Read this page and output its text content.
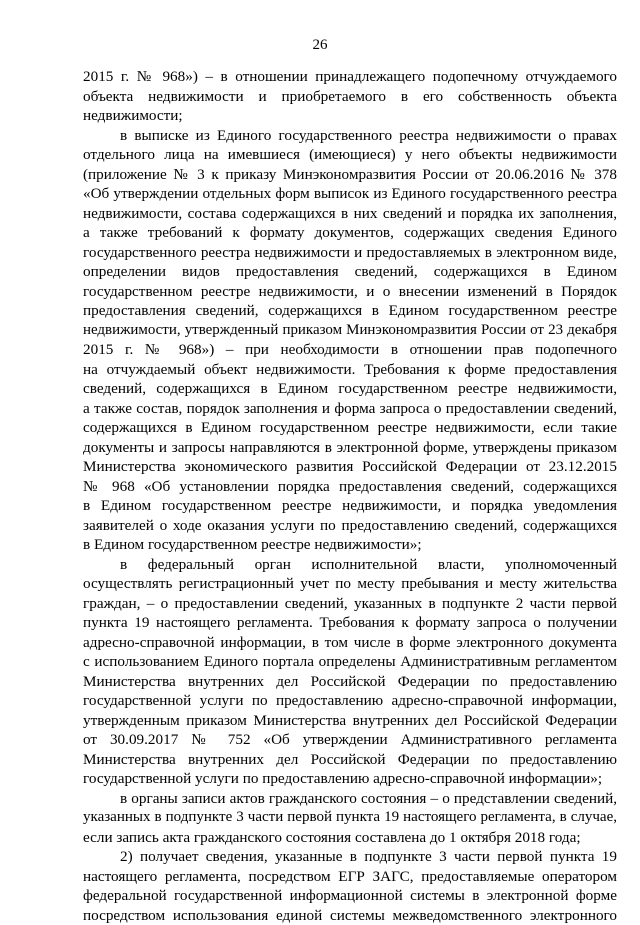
26
2015 г. № 968») – в отношении принадлежащего подопечному отчуждаемого
объекта недвижимости и приобретаемого в его собственность объекта
недвижимости;
в выписке из Единого государственного реестра недвижимости о правах
отдельного лица на имевшиеся (имеющиеся) у него объекты недвижимости
(приложение № 3 к приказу Минэкономразвития России от 20.06.2016 № 378
«Об утверждении отдельных форм выписок из Единого государственного реестра
недвижимости, состава содержащихся в них сведений и порядка их заполнения,
а также требований к формату документов, содержащих сведения Единого
государственного реестра недвижимости и предоставляемых в электронном виде,
определении видов предоставления сведений, содержащихся в Едином
государственном реестре недвижимости, и о внесении изменений в Порядок
предоставления сведений, содержащихся в Едином государственном реестре
недвижимости, утвержденный приказом Минэкономразвития России от 23 декабря
2015 г. № 968») – при необходимости в отношении прав подопечного
на отчуждаемый объект недвижимости. Требования к форме предоставления
сведений, содержащихся в Едином государственном реестре недвижимости,
а также состав, порядок заполнения и форма запроса о предоставлении сведений,
содержащихся в Едином государственном реестре недвижимости, если такие
документы и запросы направляются в электронной форме, утверждены приказом
Министерства экономического развития Российской Федерации от 23.12.2015
№ 968 «Об установлении порядка предоставления сведений, содержащихся
в Едином государственном реестре недвижимости, и порядка уведомления
заявителей о ходе оказания услуги по предоставлению сведений, содержащихся
в Едином государственном реестре недвижимости»;
в федеральный орган исполнительной власти, уполномоченный
осуществлять регистрационный учет по месту пребывания и месту жительства
граждан, – о предоставлении сведений, указанных в подпункте 2 части первой
пункта 19 настоящего регламента. Требования к формату запроса о получении
адресно-справочной информации, в том числе в форме электронного документа
с использованием Единого портала определены Административным регламентом
Министерства внутренних дел Российской Федерации по предоставлению
государственной услуги по предоставлению адресно-справочной информации,
утвержденным приказом Министерства внутренних дел Российской Федерации
от 30.09.2017 № 752 «Об утверждении Административного регламента
Министерства внутренних дел Российской Федерации по предоставлению
государственной услуги по предоставлению адресно-справочной информации»;
в органы записи актов гражданского состояния – о представлении сведений,
указанных в подпункте 3 части первой пункта 19 настоящего регламента, в случае,
если запись акта гражданского состояния составлена до 1 октября 2018 года;
2) получает сведения, указанные в подпункте 3 части первой пункта 19
настоящего регламента, посредством ЕГР ЗАГС, предоставляемые оператором
федеральной государственной информационной системы в электронной форме
посредством использования единой системы межведомственного электронного
